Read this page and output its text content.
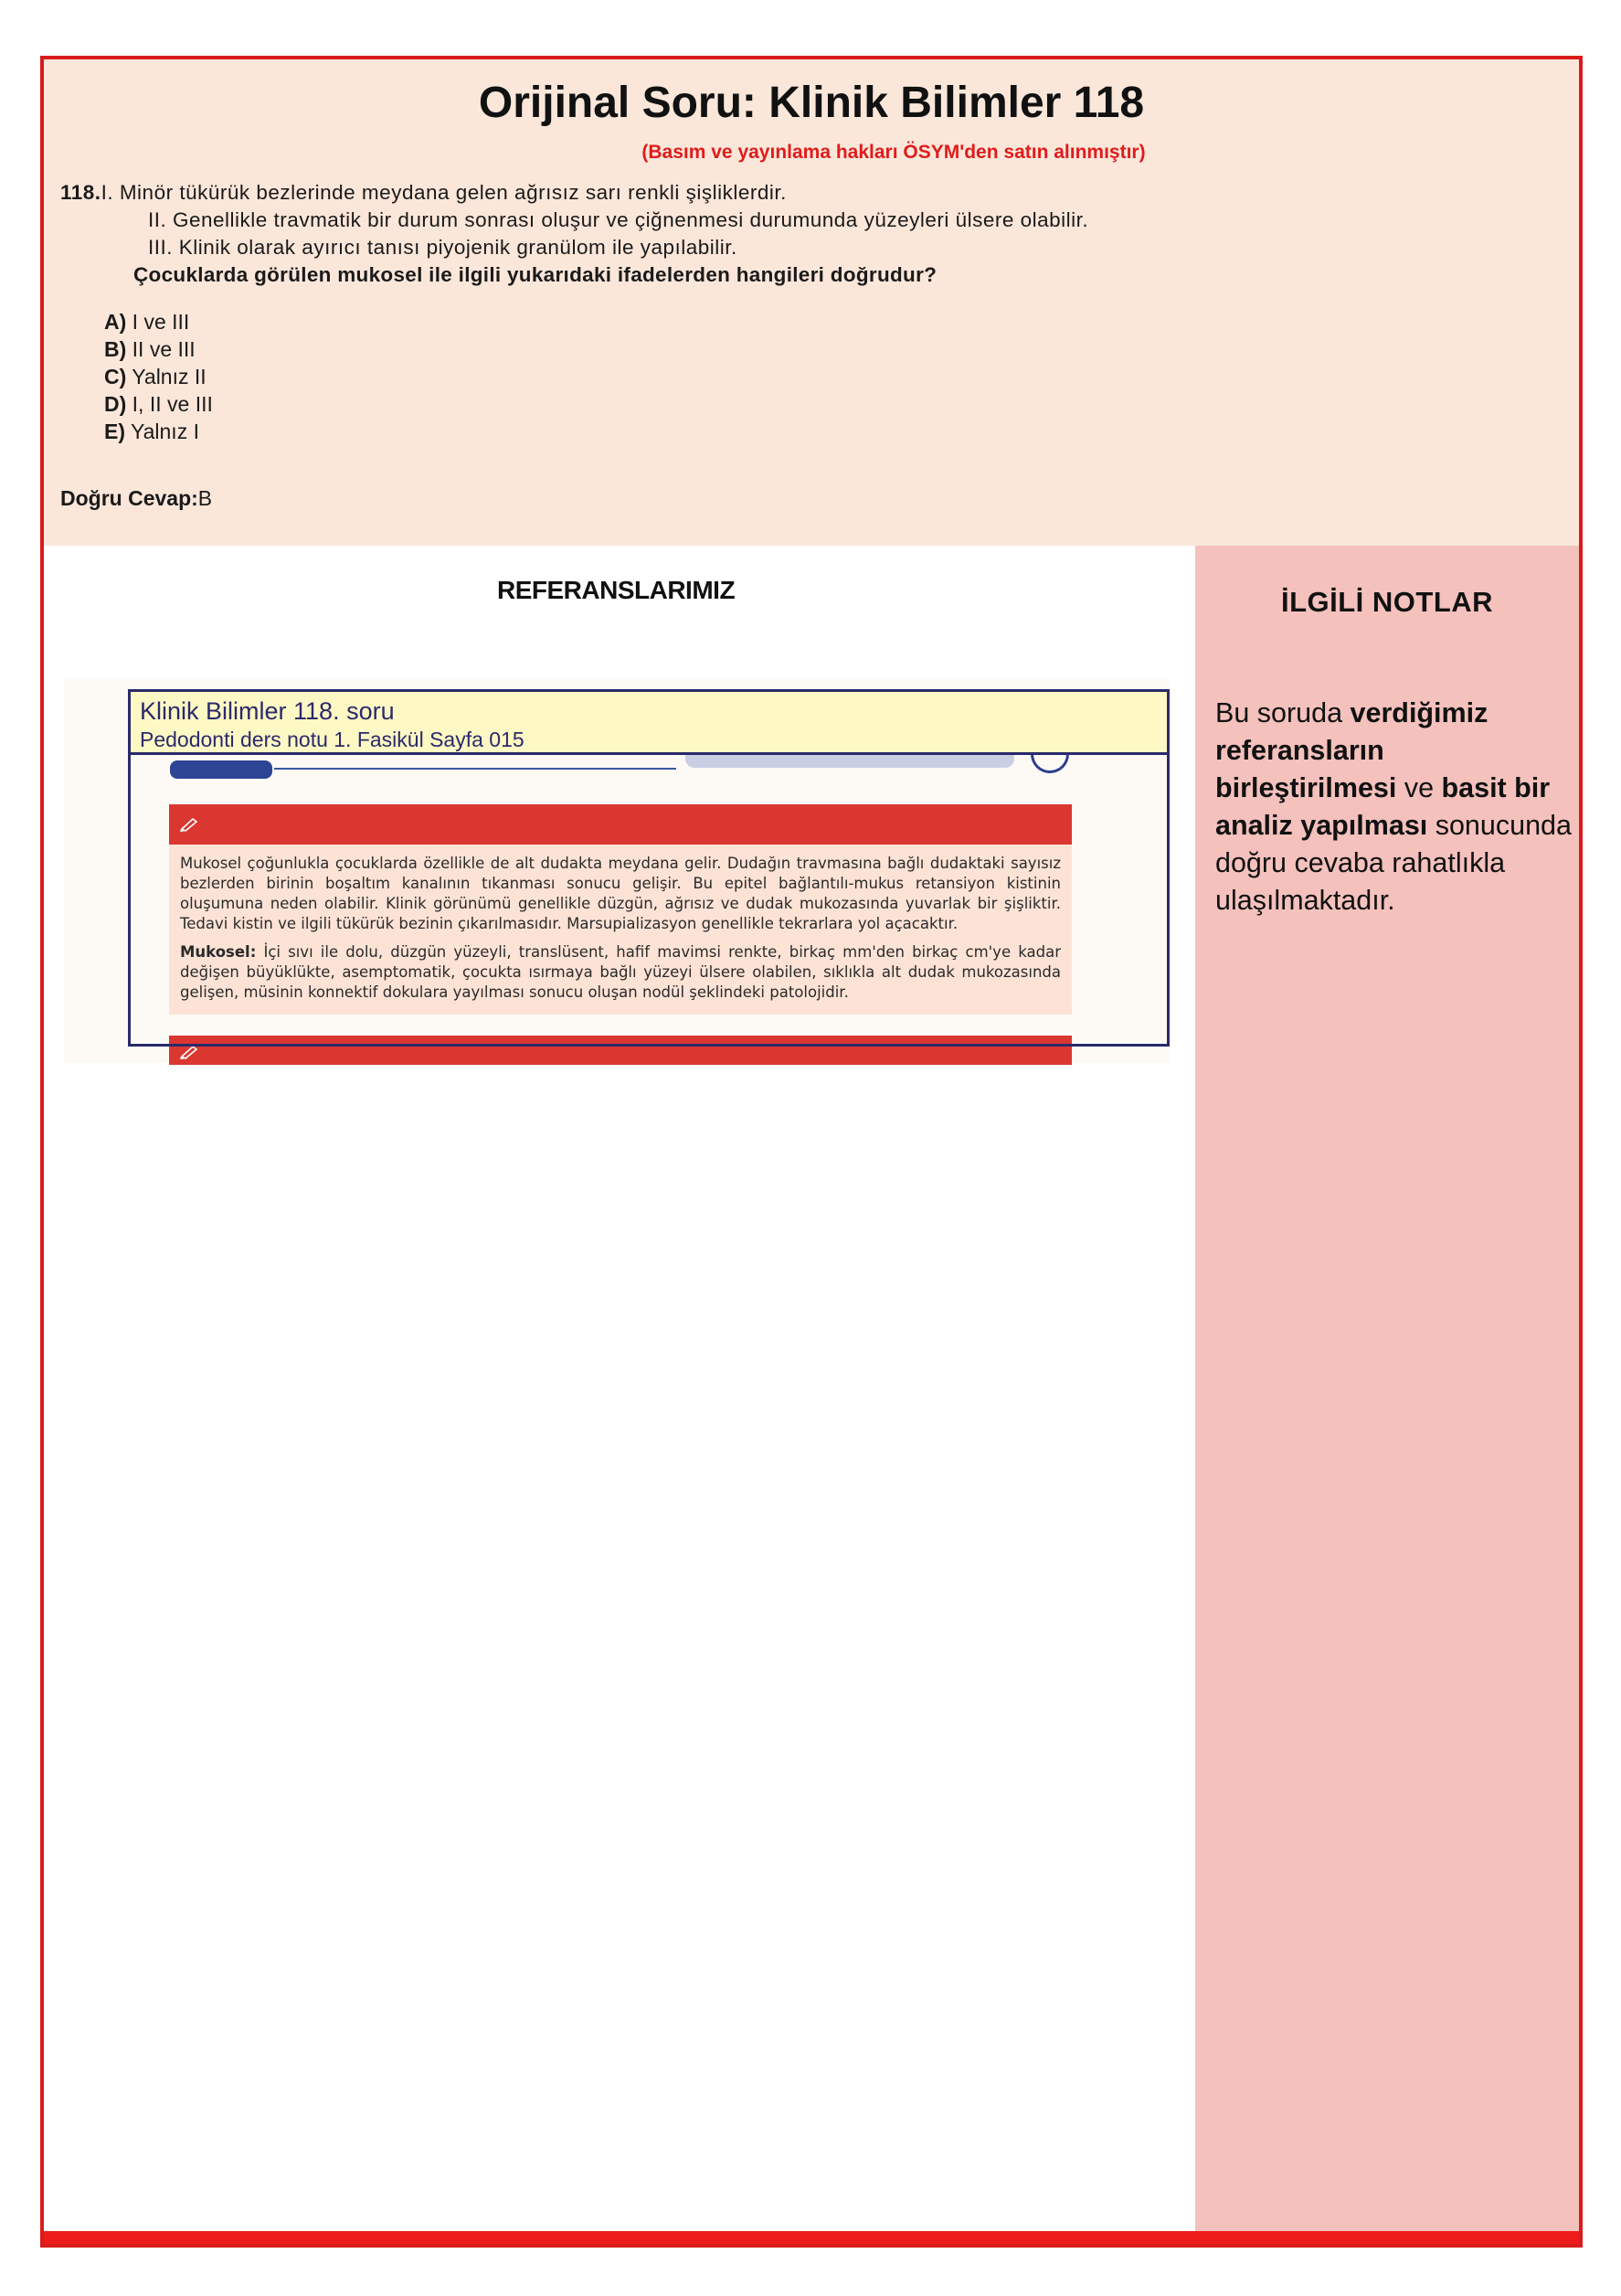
Orijinal Soru: Klinik Bilimler 118
(Basım ve yayınlama hakları ÖSYM'den satın alınmıştır)
118.I. Minör tükürük bezlerinde meydana gelen ağrısız sarı renkli şişliklerdir.
II. Genellikle travmatik bir durum sonrası oluşur ve çiğnenmesi durumunda yüzeyleri ülsere olabilir.
III. Klinik olarak ayırıcı tanısı piyojenik granülom ile yapılabilir.
Çocuklarda görülen mukosel ile ilgili yukarıdaki ifadelerden hangileri doğrudur?
A) I ve III
B) II ve III
C) Yalnız II
D) I, II ve III
E) Yalnız I
Doğru Cevap:B
REFERANSLARIMIZ

Mukosel çoğunlukla çocuklarda özellikle de alt dudakta meydana gelir. Dudağın travmasına bağlı dudaktaki sayısız bezlerden birinin boşaltım kanalının tıkanması sonucu gelişir. Bu epitel bağlantılı-mukus retansiyon kistinin oluşumuna neden olabilir. Klinik görünümü genellikle düzgün, ağrısız ve dudak mukozasında yuvarlak bir şişliktir. Tedavi kistin ve ilgili tükürük bezinin çıkarılmasıdır. Marsupializasyon genellikle tekrarlara yol açacaktır.

Mukosel: İçi sıvı ile dolu, düzgün yüzeyli, translüsent, hafif mavimsi renkte, birkaç mm'den birkaç cm'ye kadar değişen büyüklükte, asemptomatik, çocukta ısırmaya bağlı yüzeyi ülsere olabilen, sıklıkla alt dudak mukozasında gelişen, müsinin konnektif dokulara yayılması sonucu oluşan nodül şeklindeki patolojidir.

Klinik Bilimler 118. soru
Pedodonti ders notu 1. Fasikül Sayfa 015
İLGİLİ NOTLAR
Bu soruda verdiğimiz referansların birleştirilmesi ve basit bir analiz yapılması sonucunda doğru cevaba rahatlıkla ulaşılmaktadır.
